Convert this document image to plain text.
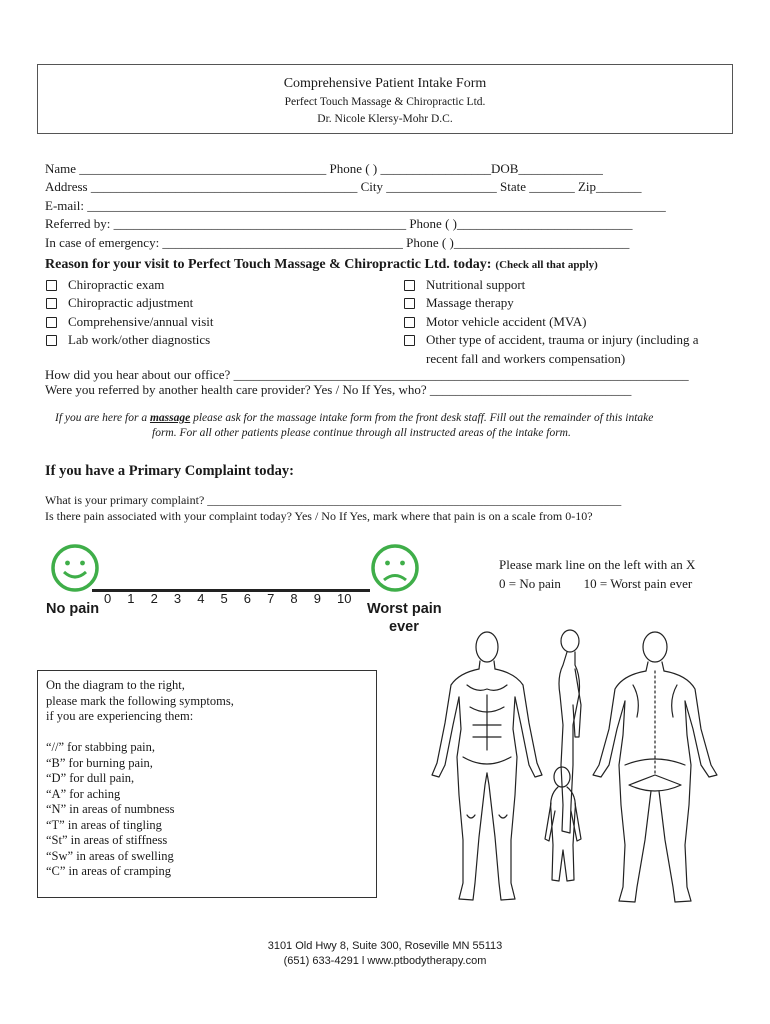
Comprehensive Patient Intake Form
Perfect Touch Massage & Chiropractic Ltd.
Dr. Nicole Klersy-Mohr D.C.
Name ______________________________________ Phone ( ) _________________DOB_____________
Address _________________________________________ City _________________ State _______ Zip_______
E-mail: _________________________________________________________________________________________
Referred by: _____________________________________________ Phone ( )___________________________
In case of emergency: _____________________________________ Phone ( )___________________________
Reason for your visit to Perfect Touch Massage & Chiropractic Ltd. today: (Check all that apply)
Chiropractic exam
Chiropractic adjustment
Comprehensive/annual visit
Lab work/other diagnostics
Nutritional support
Massage therapy
Motor vehicle accident (MVA)
Other type of accident, trauma or injury (including a
recent fall and workers compensation)
How did you hear about our office? ______________________________________________________________________
Were you referred by another health care provider? Yes / No If Yes, who? _______________________________
If you are here for a massage please ask for the massage intake form from the front desk staff. Fill out the remainder of this intake
form. For all other patients please continue through all instructed areas of the intake form.
If you have a Primary Complaint today:
What is your primary complaint? _____________________________________________________________________
Is there pain associated with your complaint today? Yes / No If Yes, mark where that pain is on a scale from 0-10?
0 1 2 3 4 5 6 7 8 9 10
No pain	Worst pain
ever
Please mark line on the left with an X
0 = No pain       10 = Worst pain ever
On the diagram to the right,
please mark the following symptoms,
if you are experiencing them:
“//” for stabbing pain,
“B” for burning pain,
“D” for dull pain,
“A” for aching
“N” in areas of numbness
“T” in areas of tingling
“St” in areas of stiffness
“Sw” in areas of swelling
“C” in areas of cramping
3101 Old Hwy 8, Suite 300, Roseville MN 55113
(651) 633-4291 l www.ptbodytherapy.com
